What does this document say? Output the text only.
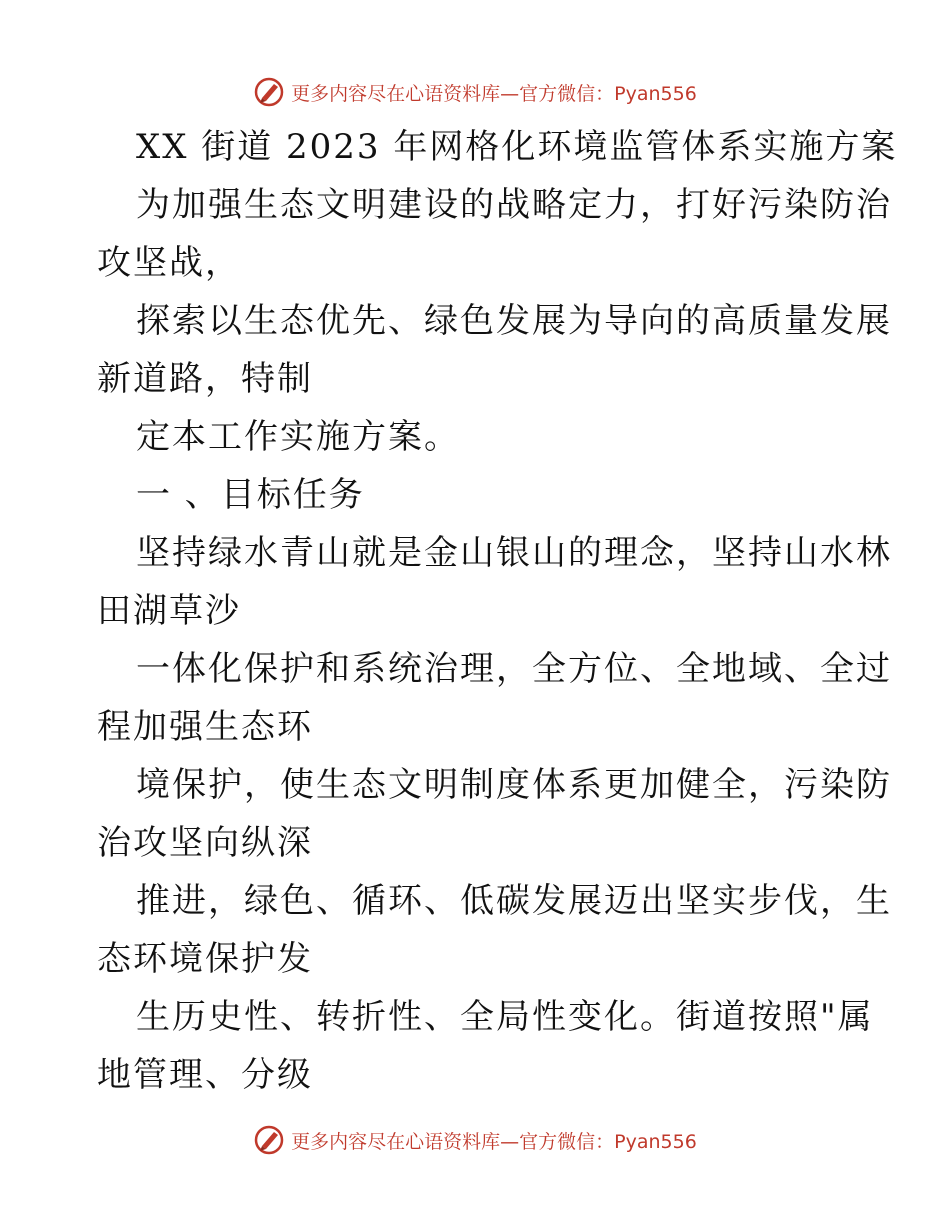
更多内容尽在心语资料库—官方微信：Pyan556
XX 街道 2023 年网格化环境监管体系实施方案
为加强生态文明建设的战略定力，打好污染防治
攻坚战，
探索以生态优先、绿色发展为导向的高质量发展
新道路，特制
定本工作实施方案。
一 、目标任务
坚持绿水青山就是金山银山的理念，坚持山水林
田湖草沙
一体化保护和系统治理，全方位、全地域、全过
程加强生态环
境保护，使生态文明制度体系更加健全，污染防
治攻坚向纵深
推进，绿色、循环、低碳发展迈出坚实步伐，生
态环境保护发
生历史性、转折性、全局性变化。街道按照"属
地管理、分级
更多内容尽在心语资料库—官方微信：Pyan556
